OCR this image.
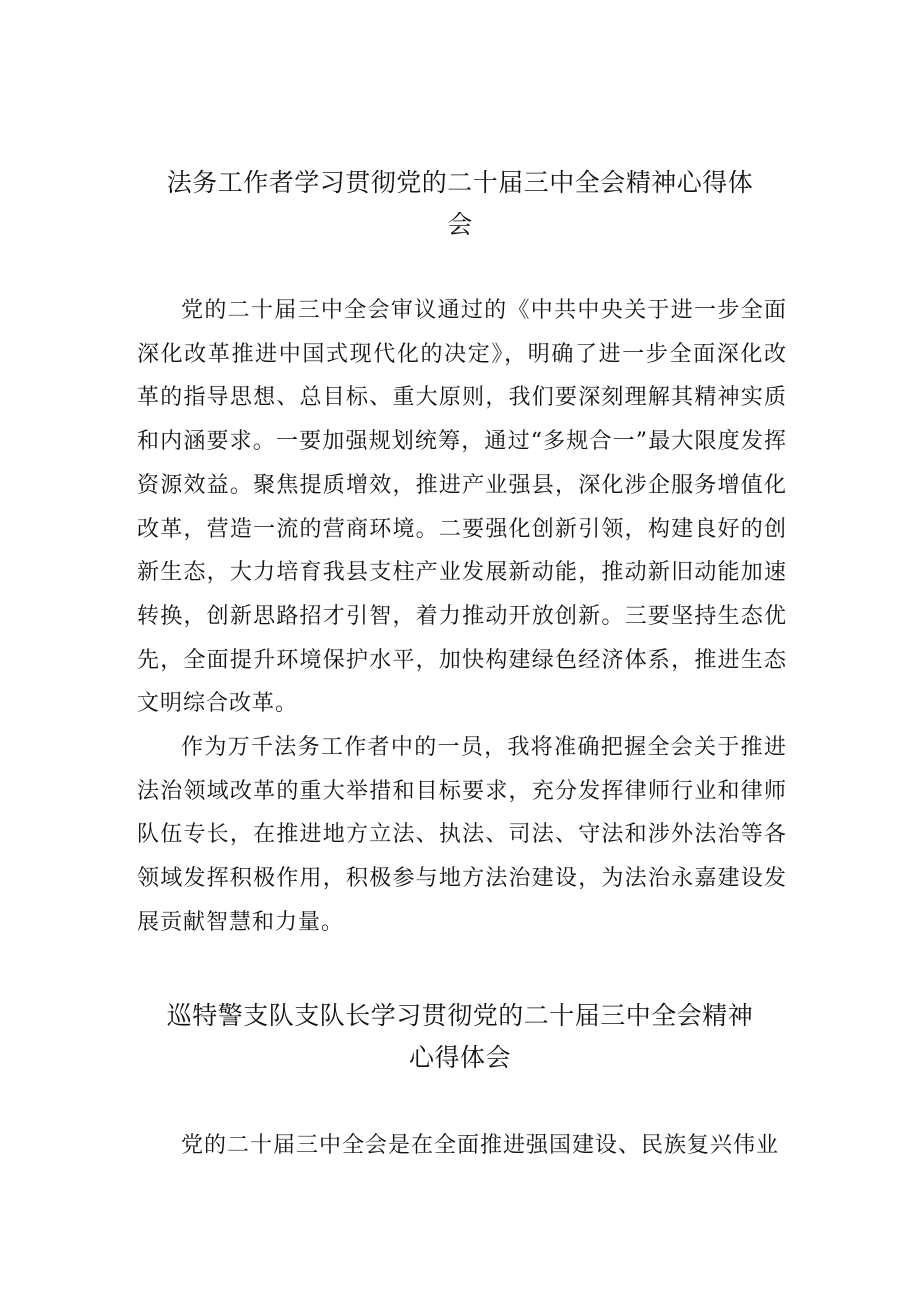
法务工作者学习贯彻党的二十届三中全会精神心得体
会

党的二十届三中全会审议通过的《中共中央关于进一步全面深化改革推进中国式现代化的决定》，明确了进一步全面深化改革的指导思想、总目标、重大原则，我们要深刻理解其精神实质和内涵要求。一要加强规划统筹，通过“多规合一”最大限度发挥资源效益。聚焦提质增效，推进产业强县，深化涉企服务增值化改革，营造一流的营商环境。二要强化创新引领，构建良好的创新生态，大力培育我县支柱产业发展新动能，推动新旧动能加速转换，创新思路招才引智，着力推动开放创新。三要坚持生态优先，全面提升环境保护水平，加快构建绿色经济体系，推进生态文明综合改革。

作为万千法务工作者中的一员，我将准确把握全会关于推进法治领域改革的重大举措和目标要求，充分发挥律师行业和律师队伍专长，在推进地方立法、执法、司法、守法和涉外法治等各领域发挥积极作用，积极参与地方法治建设，为法治永嘉建设发展贡献智慧和力量。

巡特警支队支队长学习贯彻党的二十届三中全会精神
心得体会

党的二十届三中全会是在全面推进强国建设、民族复兴伟业
